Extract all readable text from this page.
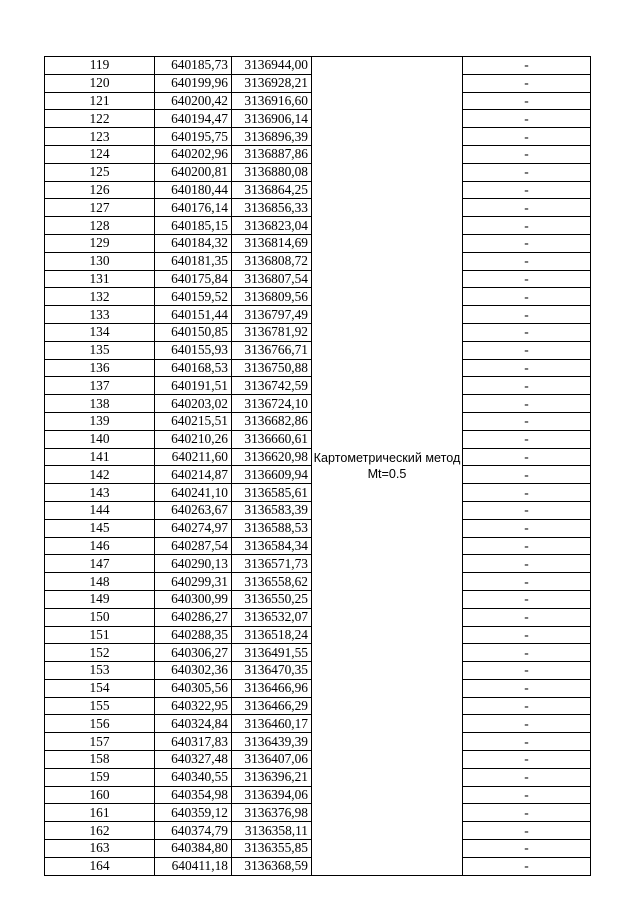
119	640185,73	3136944,00	Картометрический метод Mt=0.5	-
120	640199,96	3136928,21		-
121	640200,42	3136916,60		-
122	640194,47	3136906,14		-
123	640195,75	3136896,39		-
124	640202,96	3136887,86		-
125	640200,81	3136880,08		-
126	640180,44	3136864,25		-
127	640176,14	3136856,33		-
128	640185,15	3136823,04		-
129	640184,32	3136814,69		-
130	640181,35	3136808,72		-
131	640175,84	3136807,54		-
132	640159,52	3136809,56		-
133	640151,44	3136797,49		-
134	640150,85	3136781,92		-
135	640155,93	3136766,71		-
136	640168,53	3136750,88		-
137	640191,51	3136742,59		-
138	640203,02	3136724,10		-
139	640215,51	3136682,86		-
140	640210,26	3136660,61		-
141	640211,60	3136620,98		-
142	640214,87	3136609,94		-
143	640241,10	3136585,61		-
144	640263,67	3136583,39		-
145	640274,97	3136588,53		-
146	640287,54	3136584,34		-
147	640290,13	3136571,73		-
148	640299,31	3136558,62		-
149	640300,99	3136550,25		-
150	640286,27	3136532,07		-
151	640288,35	3136518,24		-
152	640306,27	3136491,55		-
153	640302,36	3136470,35		-
154	640305,56	3136466,96		-
155	640322,95	3136466,29		-
156	640324,84	3136460,17		-
157	640317,83	3136439,39		-
158	640327,48	3136407,06		-
159	640340,55	3136396,21		-
160	640354,98	3136394,06		-
161	640359,12	3136376,98		-
162	640374,79	3136358,11		-
163	640384,80	3136355,85		-
164	640411,18	3136368,59		-
